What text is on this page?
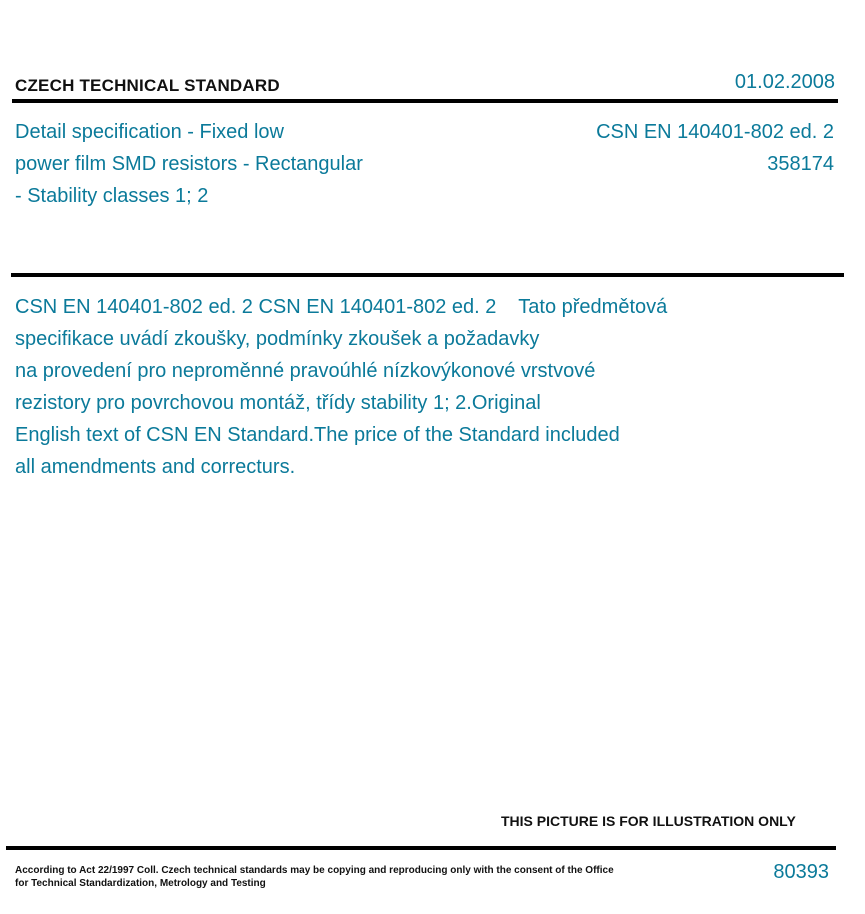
CZECH TECHNICAL STANDARD	01.02.2008
Detail specification - Fixed low
power film SMD resistors - Rectangular
- Stability classes 1; 2
CSN EN 140401-802 ed. 2
358174
CSN EN 140401-802 ed. 2 CSN EN 140401-802 ed. 2    Tato předmětová
specifikace uvádí zkoušky, podmínky zkoušek a požadavky
na provedení pro neproměnné pravoúhlé nízkovýkonové vrstvové
rezistory pro povrchovou montáž, třídy stability 1; 2.Original
English text of CSN EN Standard.The price of the Standard included
all amendments and correcturs.
THIS PICTURE IS FOR ILLUSTRATION ONLY
According to Act 22/1997 Coll. Czech technical standards may be copying and reproducing only with the consent of the Office
for Technical Standardization, Metrology and Testing
80393
